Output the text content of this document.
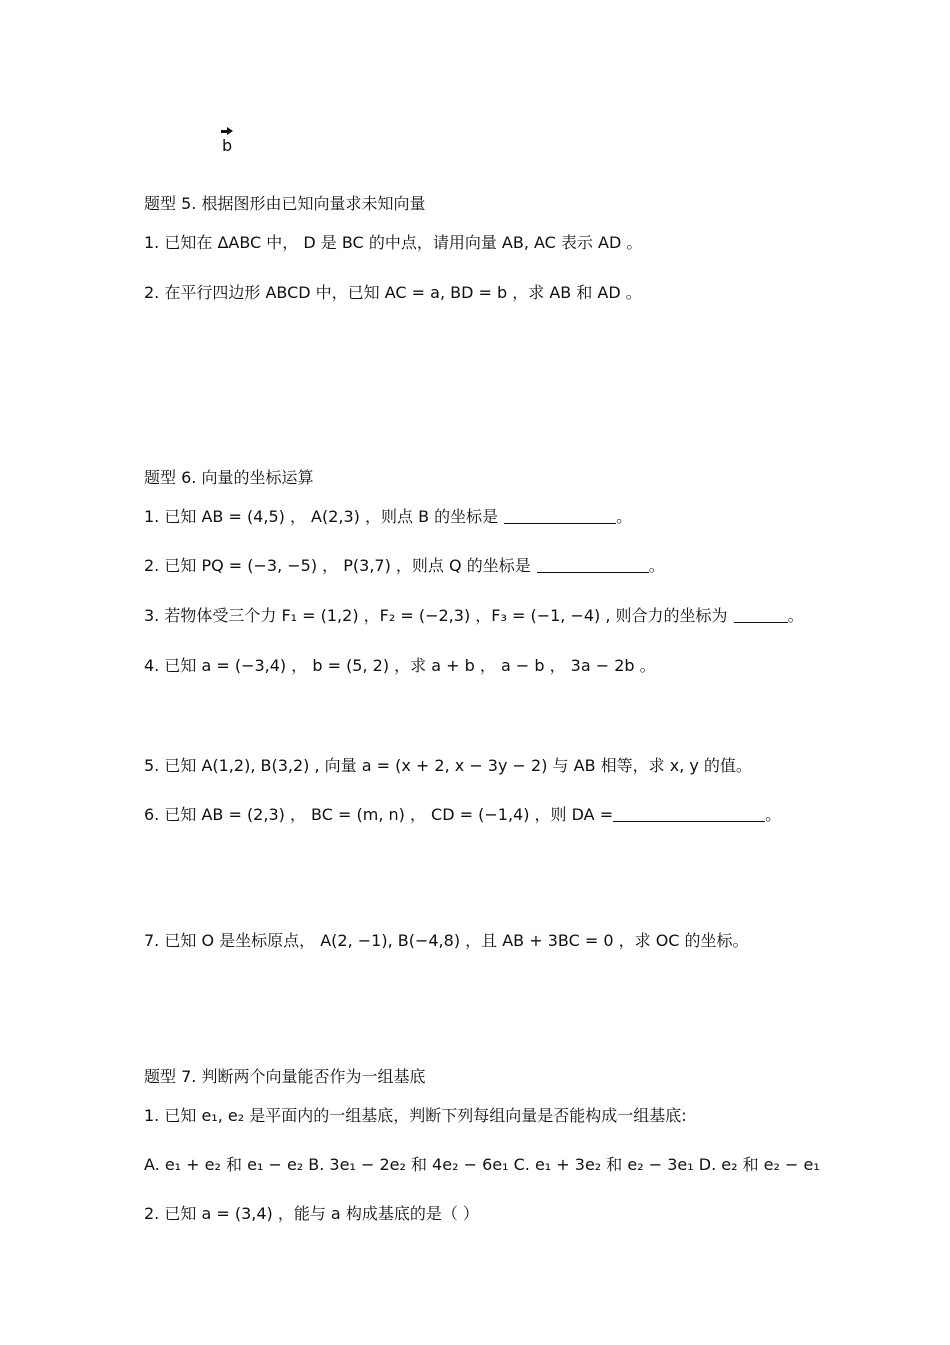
b
题型 5. 根据图形由已知向量求未知向量
1. 已知在 ΔABC 中， D 是 BC 的中点，请用向量 AB, AC 表示 AD 。
2. 在平行四边形 ABCD 中，已知 AC = a, BD = b ，求 AB 和 AD 。
题型 6. 向量的坐标运算
1. 已知 AB = (4,5) ， A(2,3) ，则点 B 的坐标是	。
2. 已知 PQ = (−3, −5) ， P(3,7) ，则点 Q 的坐标是	。
3. 若物体受三个力 F₁ = (1,2) ，F₂ = (−2,3) ，F₃ = (−1, −4) , 则合力的坐标为	。
4. 已知 a = (−3,4) ， b = (5, 2) ，求 a + b ， a − b ， 3a − 2b 。
5. 已知 A(1,2), B(3,2) , 向量 a = (x + 2, x − 3y − 2) 与 AB 相等，求 x, y 的值。
6. 已知 AB = (2,3) ， BC = (m, n) ， CD = (−1,4) ，则 DA =	。
7. 已知 O 是坐标原点， A(2, −1), B(−4,8) ，且 AB + 3BC = 0 ，求 OC 的坐标。
题型 7. 判断两个向量能否作为一组基底
1. 已知 e₁, e₂ 是平面内的一组基底，判断下列每组向量是否能构成一组基底:
A. e₁ + e₂ 和 e₁ − e₂ B. 3e₁ − 2e₂ 和 4e₂ − 6e₁ C. e₁ + 3e₂ 和 e₂ − 3e₁ D. e₂ 和 e₂ − e₁
2. 已知 a = (3,4) ，能与 a 构成基底的是（ ）
